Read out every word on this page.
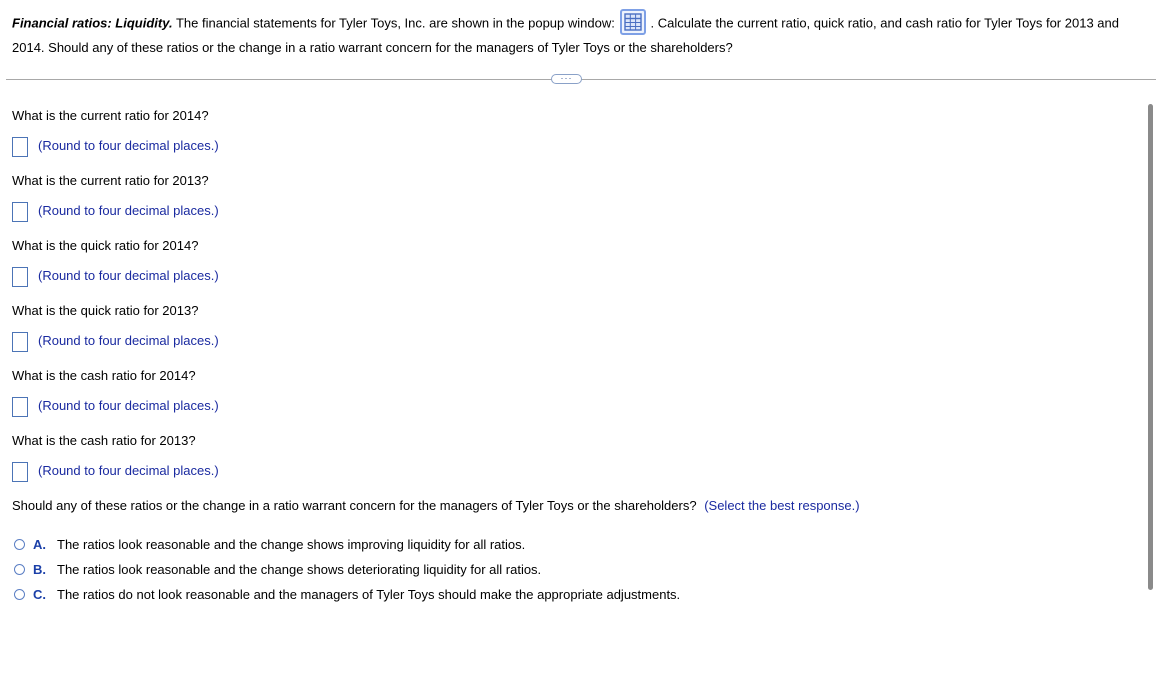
Financial ratios: Liquidity. The financial statements for Tyler Toys, Inc. are shown in the popup window:	. Calculate the current ratio, quick ratio, and cash ratio for Tyler Toys for 2013 and 2014. Should any of these ratios or the change in a ratio warrant concern for the managers of Tyler Toys or the shareholders?
···
What is the current ratio for 2014?
(Round to four decimal places.)
What is the current ratio for 2013?
(Round to four decimal places.)
What is the quick ratio for 2014?
(Round to four decimal places.)
What is the quick ratio for 2013?
(Round to four decimal places.)
What is the cash ratio for 2014?
(Round to four decimal places.)
What is the cash ratio for 2013?
(Round to four decimal places.)
Should any of these ratios or the change in a ratio warrant concern for the managers of Tyler Toys or the shareholders? (Select the best response.)
A. The ratios look reasonable and the change shows improving liquidity for all ratios.
B. The ratios look reasonable and the change shows deteriorating liquidity for all ratios.
C. The ratios do not look reasonable and the managers of Tyler Toys should make the appropriate adjustments.
